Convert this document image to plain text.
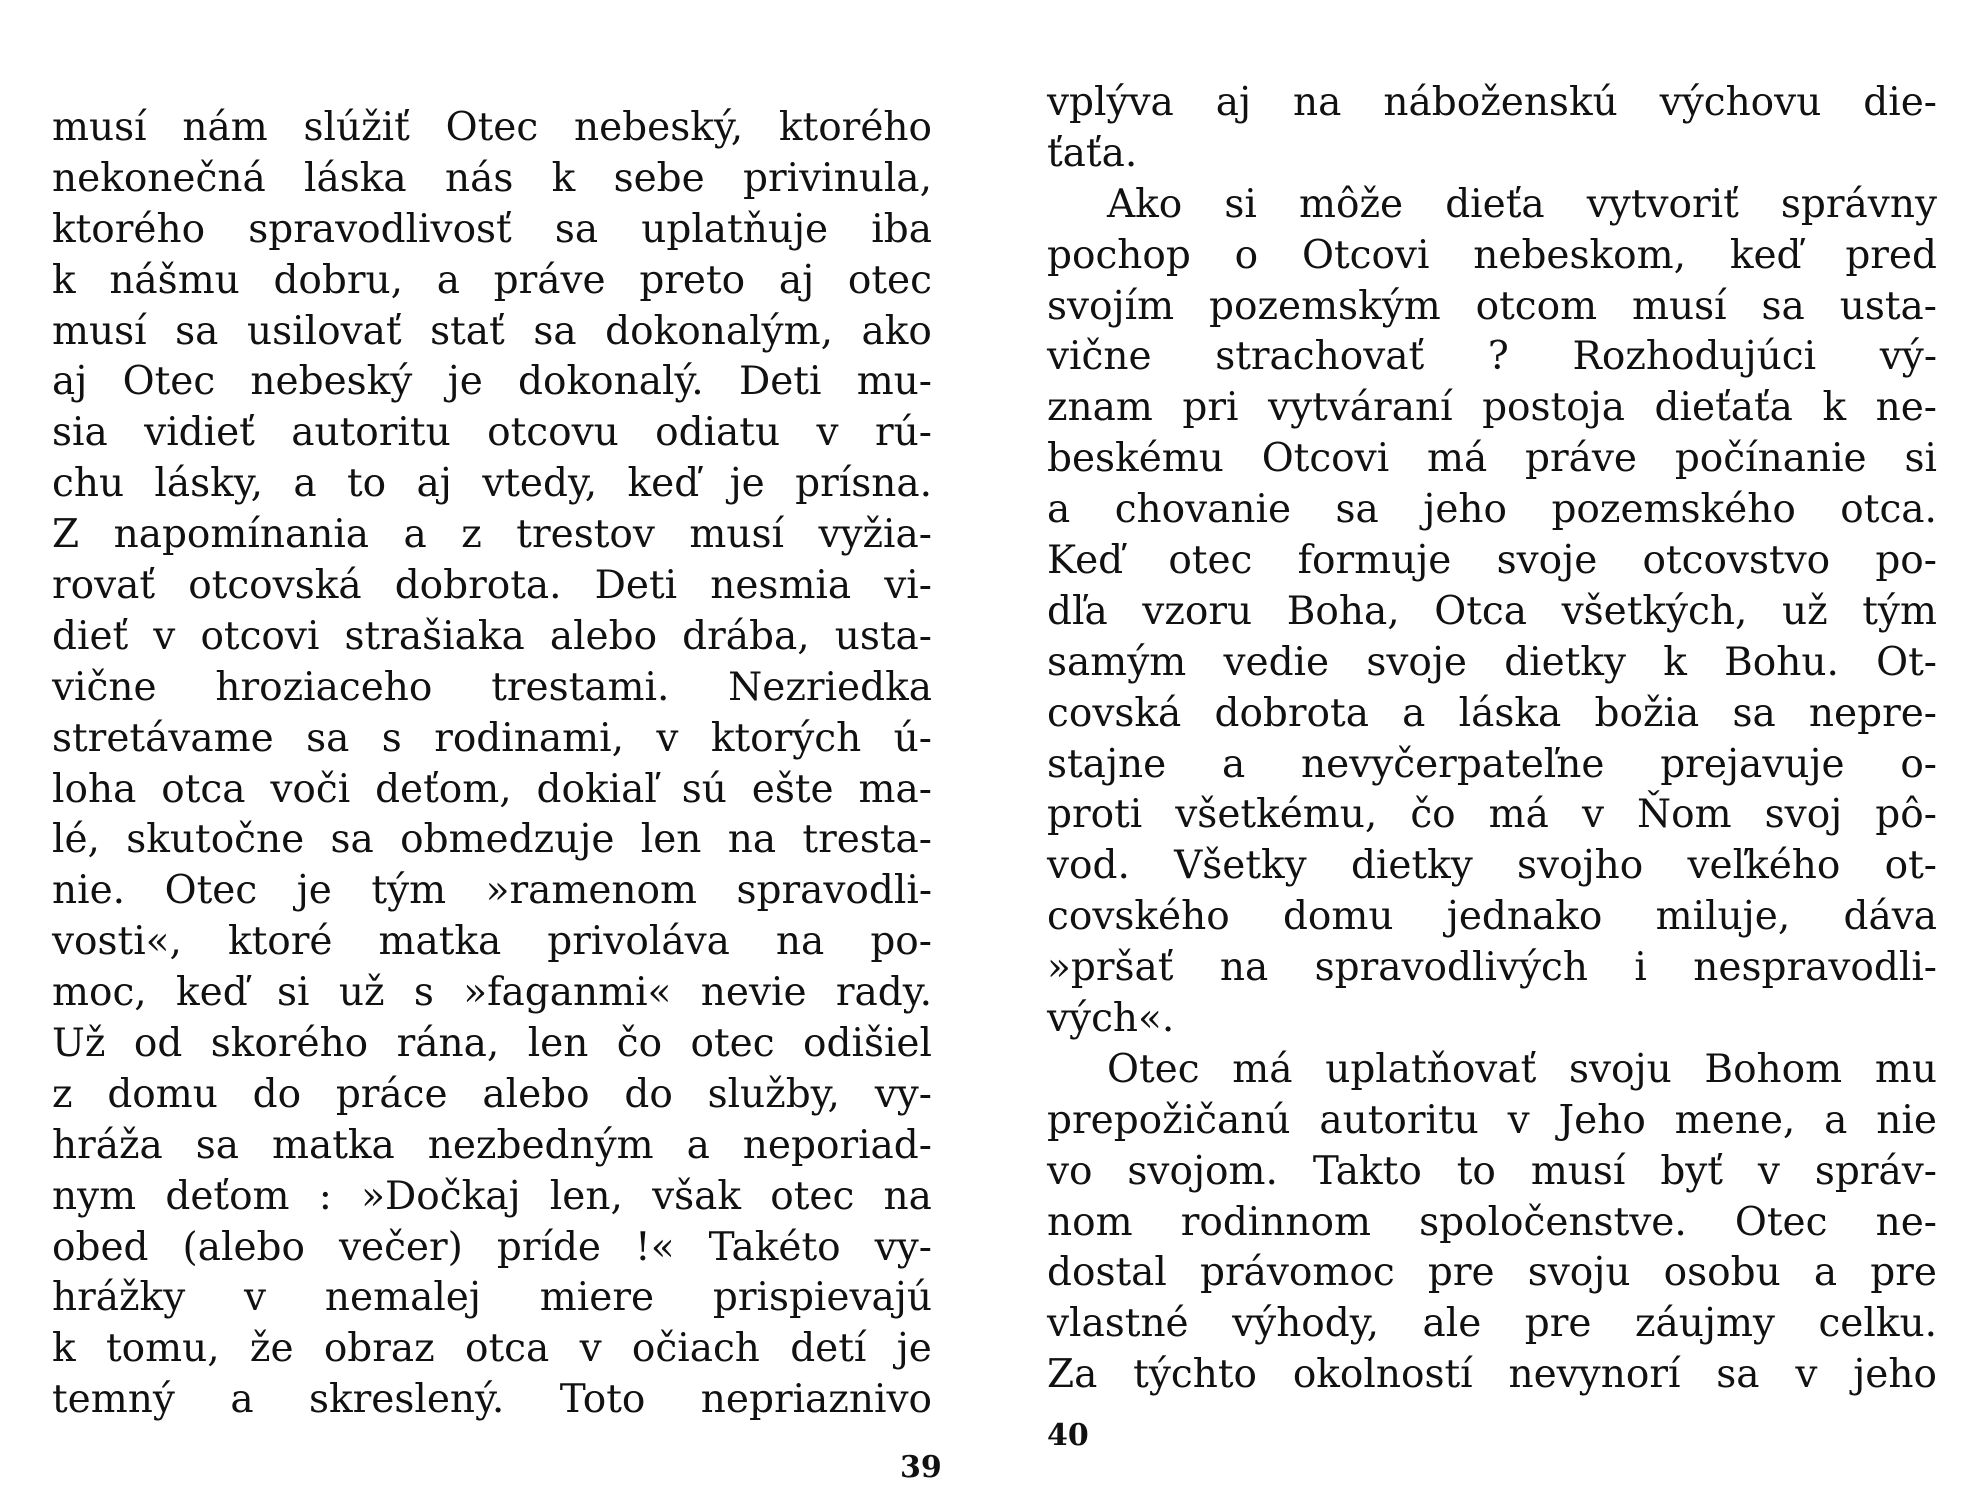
musí nám slúžiť Otec nebeský, ktorého
nekonečná láska nás k sebe privinula,
ktorého spravodlivosť sa uplatňuje iba
k nášmu dobru, a práve preto aj otec
musí sa usilovať stať sa dokonalým, ako
aj Otec nebeský je dokonalý. Deti mu-
sia vidieť autoritu otcovu odiatu v rú-
chu lásky, a to aj vtedy, keď je prísna.
Z napomínania a z trestov musí vyžia-
rovať otcovská dobrota. Deti nesmia vi-
dieť v otcovi strašiaka alebo drába, usta-
vične hroziaceho trestami. Nezriedka
stretávame sa s rodinami, v ktorých ú-
loha otca voči deťom, dokiaľ sú ešte ma-
lé, skutočne sa obmedzuje len na tresta-
nie. Otec je tým »ramenom spravodli-
vosti«, ktoré matka privoláva na po-
moc, keď si už s »faganmi« nevie rady.
Už od skorého rána, len čo otec odišiel
z domu do práce alebo do služby, vy-
hráža sa matka nezbedným a neporiad-
nym deťom : »Dočkaj len, však otec na
obed (alebo večer) príde !« Takéto vy-
hrážky v nemalej miere prispievajú
k tomu, že obraz otca v očiach detí je
temný a skreslený. Toto nepriaznivo
39
vplýva aj na náboženskú výchovu die-
ťaťa.
Ako si môže dieťa vytvoriť správny
pochop o Otcovi nebeskom, keď pred
svojím pozemským otcom musí sa usta-
vične strachovať ? Rozhodujúci vý-
znam pri vytváraní postoja dieťaťa k ne-
beskému Otcovi má práve počínanie si
a chovanie sa jeho pozemského otca.
Keď otec formuje svoje otcovstvo po-
dľa vzoru Boha, Otca všetkých, už tým
samým vedie svoje dietky k Bohu. Ot-
covská dobrota a láska božia sa nepre-
stajne a nevyčerpateľne prejavuje o-
proti všetkému, čo má v Ňom svoj pô-
vod. Všetky dietky svojho veľkého ot-
covského domu jednako miluje, dáva
»pršať na spravodlivých i nespravodli-
vých«.
Otec má uplatňovať svoju Bohom mu
prepožičanú autoritu v Jeho mene, a nie
vo svojom. Takto to musí byť v správ-
nom rodinnom spoločenstve. Otec ne-
dostal právomoc pre svoju osobu a pre
vlastné výhody, ale pre záujmy celku.
Za týchto okolností nevynorí sa v jeho
40
